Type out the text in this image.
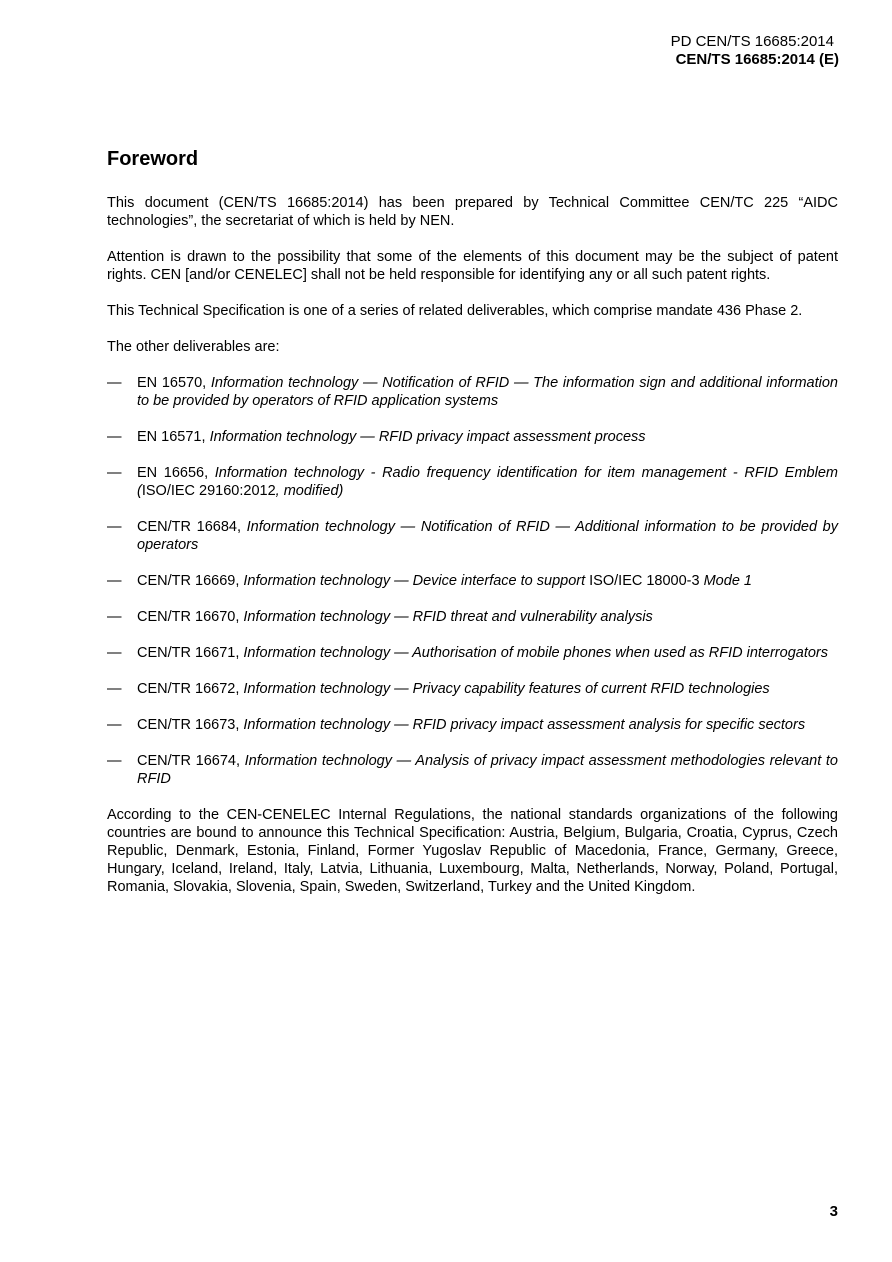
PD CEN/TS 16685:2014
CEN/TS 16685:2014 (E)
Foreword

This document (CEN/TS 16685:2014) has been prepared by Technical Committee CEN/TC 225 “AIDC technologies”, the secretariat of which is held by NEN.

Attention is drawn to the possibility that some of the elements of this document may be the subject of patent rights. CEN [and/or CENELEC] shall not be held responsible for identifying any or all such patent rights.

This Technical Specification is one of a series of related deliverables, which comprise mandate 436 Phase 2.

The other deliverables are:

— EN 16570, Information technology — Notification of RFID — The information sign and additional information to be provided by operators of RFID application systems
— EN 16571, Information technology — RFID privacy impact assessment process
— EN 16656, Information technology - Radio frequency identification for item management - RFID Emblem (ISO/IEC 29160:2012, modified)
— CEN/TR 16684, Information technology — Notification of RFID — Additional information to be provided by operators
— CEN/TR 16669, Information technology — Device interface to support ISO/IEC 18000-3 Mode 1
— CEN/TR 16670, Information technology — RFID threat and vulnerability analysis
— CEN/TR 16671, Information technology — Authorisation of mobile phones when used as RFID interrogators
— CEN/TR 16672, Information technology — Privacy capability features of current RFID technologies
— CEN/TR 16673, Information technology — RFID privacy impact assessment analysis for specific sectors
— CEN/TR 16674, Information technology — Analysis of privacy impact assessment methodologies relevant to RFID

According to the CEN-CENELEC Internal Regulations, the national standards organizations of the following countries are bound to announce this Technical Specification: Austria, Belgium, Bulgaria, Croatia, Cyprus, Czech Republic, Denmark, Estonia, Finland, Former Yugoslav Republic of Macedonia, France, Germany, Greece, Hungary, Iceland, Ireland, Italy, Latvia, Lithuania, Luxembourg, Malta, Netherlands, Norway, Poland, Portugal, Romania, Slovakia, Slovenia, Spain, Sweden, Switzerland, Turkey and the United Kingdom.

3
